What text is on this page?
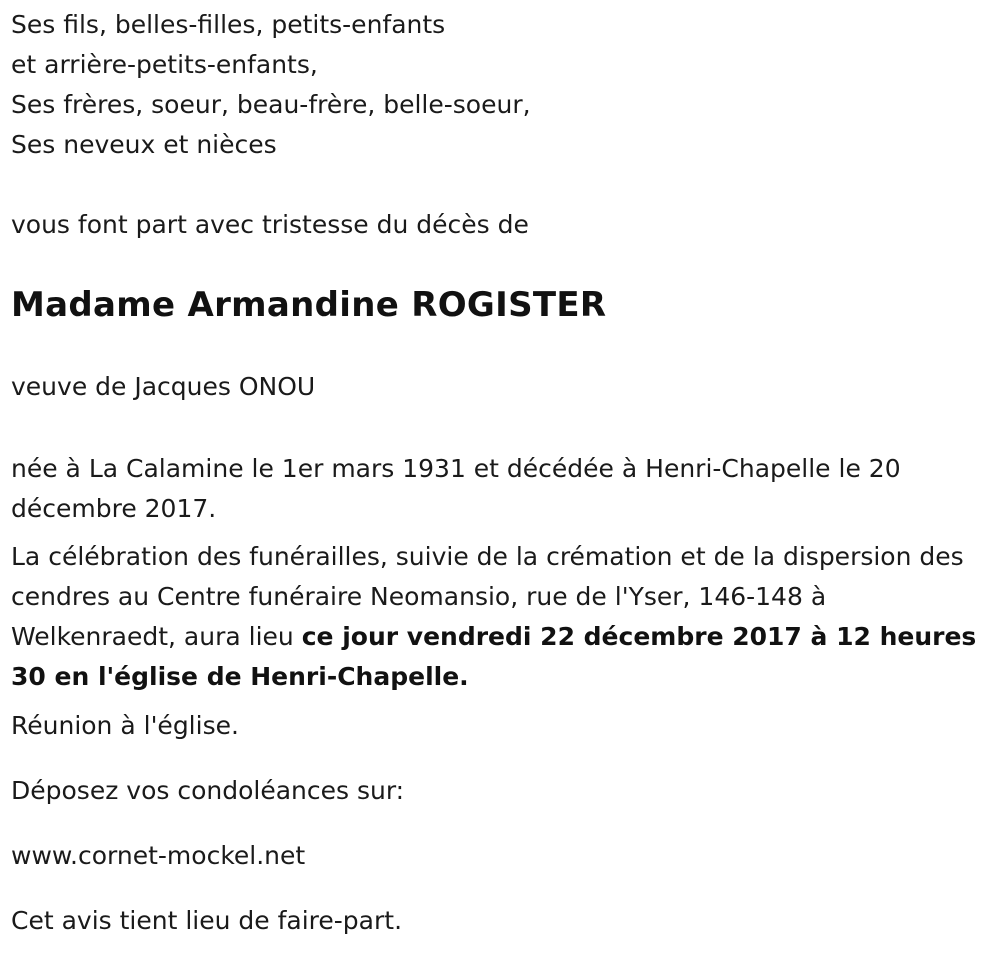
Ses fils, belles-filles, petits-enfants

et arrière-petits-enfants,

Ses frères, soeur, beau-frère, belle-soeur,

Ses neveux et nièces

vous font part avec tristesse du décès de

Madame Armandine ROGISTER

veuve de Jacques ONOU

née à La Calamine le 1er mars 1931 et décédée à Henri-Chapelle le 20 décembre 2017.

La célébration des funérailles, suivie de la crémation et de la dispersion des cendres au Centre funéraire Neomansio, rue de l'Yser, 146-148 à Welkenraedt, aura lieu ce jour vendredi 22 décembre 2017 à 12 heures 30 en l'église de Henri-Chapelle.

Réunion à l'église.

Déposez vos condoléances sur:

www.cornet-mockel.net

Cet avis tient lieu de faire-part.
